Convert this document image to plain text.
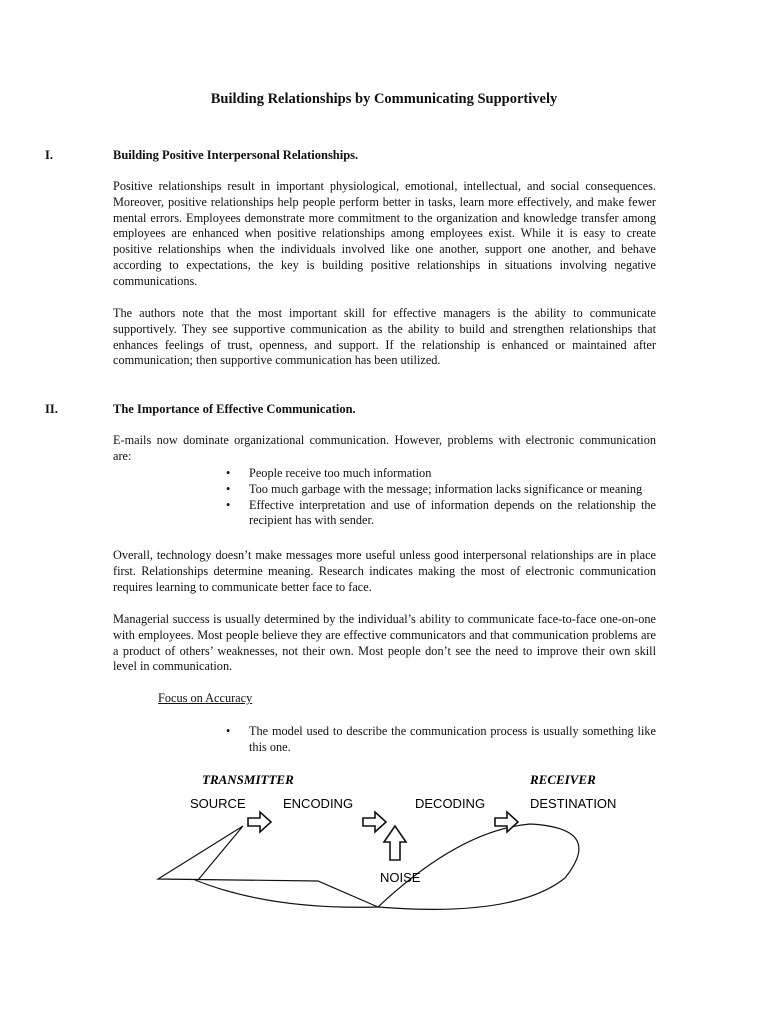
Building Relationships by Communicating Supportively
I.	Building Positive Interpersonal Relationships.

Positive relationships result in important physiological, emotional, intellectual, and social consequences. Moreover, positive relationships help people perform better in tasks, learn more effectively, and make fewer mental errors. Employees demonstrate more commitment to the organization and knowledge transfer among employees are enhanced when positive relationships among employees exist. While it is easy to create positive relationships when the individuals involved like one another, support one another, and behave according to expectations, the key is building positive relationships in situations involving negative communications.

The authors note that the most important skill for effective managers is the ability to communicate supportively. They see supportive communication as the ability to build and strengthen relationships that enhances feelings of trust, openness, and support. If the relationship is enhanced or maintained after communication; then supportive communication has been utilized.

II.	The Importance of Effective Communication.

E-mails now dominate organizational communication. However, problems with electronic communication are:

• People receive too much information
• Too much garbage with the message; information lacks significance or meaning
• Effective interpretation and use of information depends on the relationship the recipient has with sender.

Overall, technology doesn’t make messages more useful unless good interpersonal relationships are in place first. Relationships determine meaning. Research indicates making the most of electronic communication requires learning to communicate better face to face.

Managerial success is usually determined by the individual’s ability to communicate face-to-face one-on-one with employees. Most people believe they are effective communicators and that communication problems are a product of others’ weaknesses, not their own. Most people don’t see the need to improve their own skill level in communication.

Focus on Accuracy
• The model used to describe the communication process is usually something like this one.
TRANSMITTER	RECEIVER
SOURCE	ENCODING	DECODING	DESTINATION
NOISE
